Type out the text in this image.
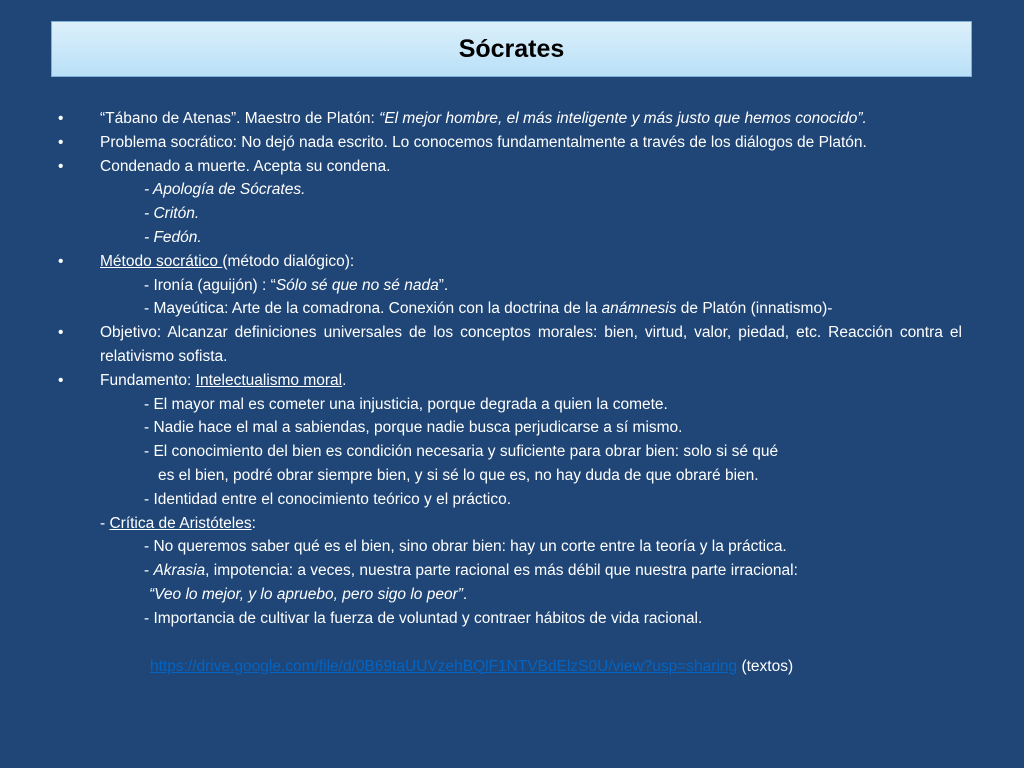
Sócrates
• “Tábano de Atenas”. Maestro de Platón: “El mejor hombre, el más inteligente y más justo que hemos conocido”.
• Problema socrático: No dejó nada escrito. Lo conocemos fundamentalmente a través de los diálogos de Platón.
• Condenado a muerte. Acepta su condena.
- Apología de Sócrates.
- Critón.
- Fedón.
• Método socrático (método dialógico):
- Ironía (aguijón) : “Sólo sé que no sé nada”.
- Mayeútica: Arte de la comadrona. Conexión con la doctrina de la anámnesis de Platón (innatismo)-
• Objetivo: Alcanzar definiciones universales de los conceptos morales: bien, virtud, valor, piedad, etc. Reacción contra el relativismo sofista.
• Fundamento: Intelectualismo moral.
- El mayor mal es cometer una injusticia, porque degrada a quien la comete.
- Nadie hace el mal a sabiendas, porque nadie busca perjudicarse a sí mismo.
- El conocimiento del bien es condición necesaria y suficiente para obrar bien: solo si sé qué
es el bien, podré obrar siempre bien, y si sé lo que es, no hay duda de que obraré bien.
- Identidad entre el conocimiento teórico y el práctico.
- Crítica de Aristóteles:
- No queremos saber qué es el bien, sino obrar bien: hay un corte entre la teoría y la práctica.
- Akrasia, impotencia: a veces, nuestra parte racional es más débil que nuestra parte irracional:
“Veo lo mejor, y lo apruebo, pero sigo lo peor”.
- Importancia de cultivar la fuerza de voluntad y contraer hábitos de vida racional.
https://drive.google.com/file/d/0B69taUUVzehBQlF1NTVBdElzS0U/view?usp=sharing (textos)
